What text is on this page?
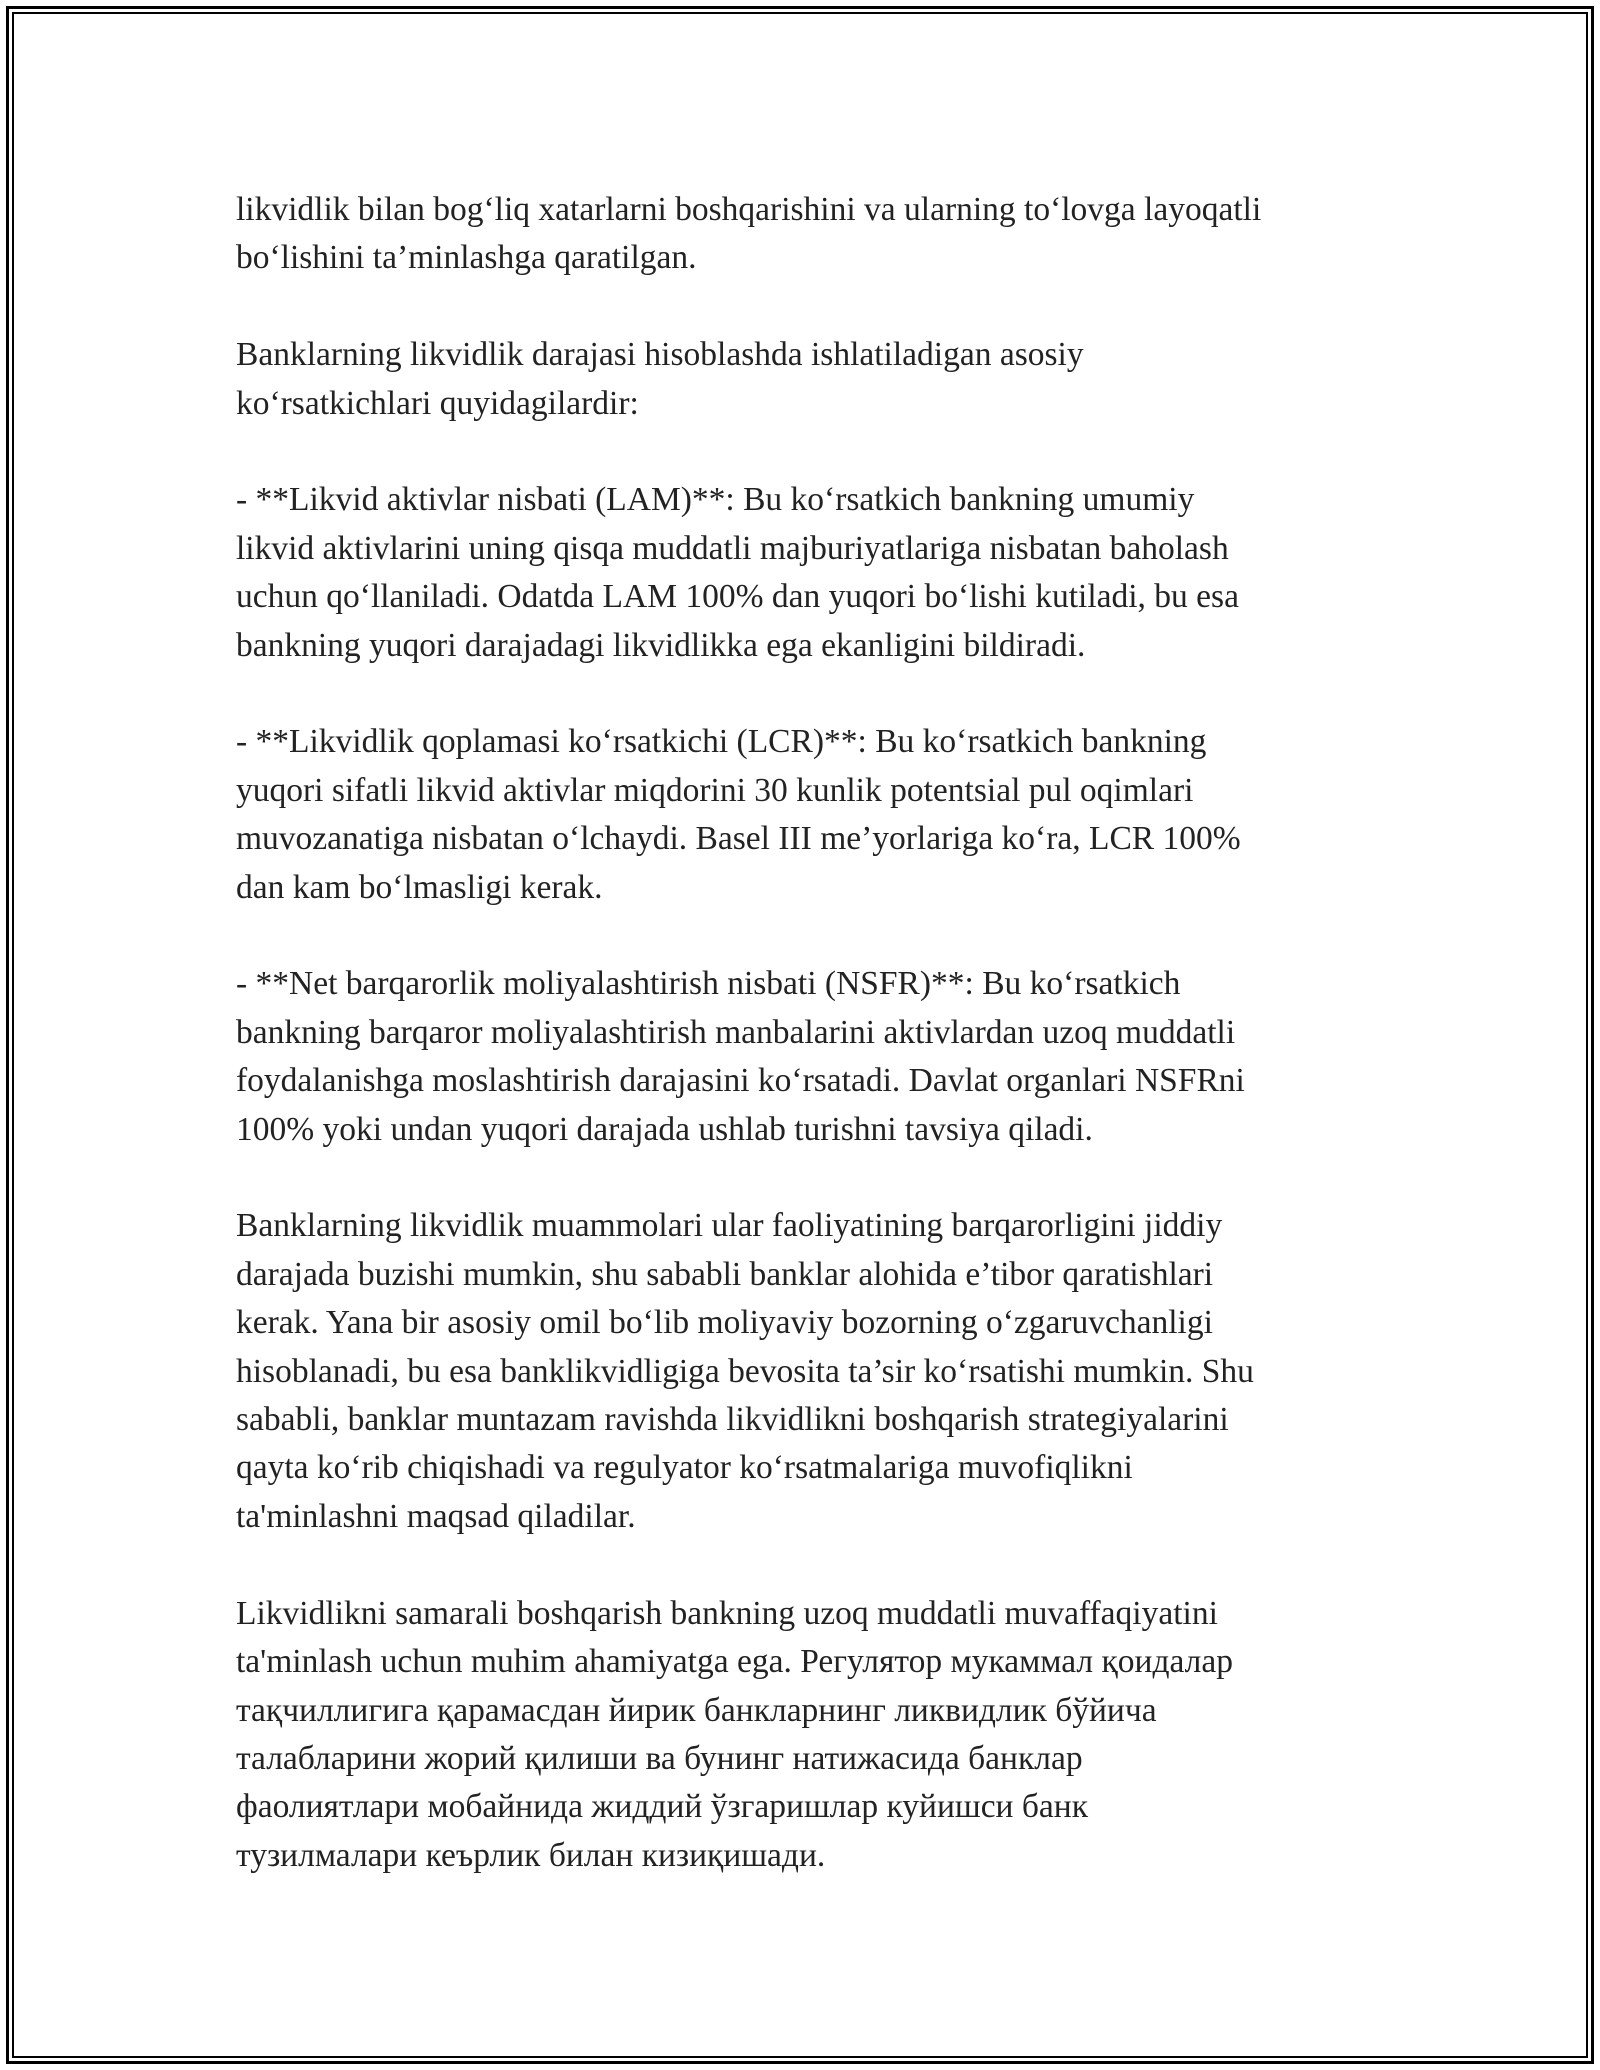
likvidlik bilan bog‘liq xatarlarni boshqarishini va ularning to‘lovga layoqatli
bo‘lishini ta’minlashga qaratilgan.
Banklarning likvidlik darajasi hisoblashda ishlatiladigan asosiy
ko‘rsatkichlari quyidagilardir:
- **Likvid aktivlar nisbati (LAM)**: Bu ko‘rsatkich bankning umumiy
likvid aktivlarini uning qisqa muddatli majburiyatlariga nisbatan baholash
uchun qo‘llaniladi. Odatda LAM 100% dan yuqori bo‘lishi kutiladi, bu esa
bankning yuqori darajadagi likvidlikka ega ekanligini bildiradi.
- **Likvidlik qoplamasi ko‘rsatkichi (LCR)**: Bu ko‘rsatkich bankning
yuqori sifatli likvid aktivlar miqdorini 30 kunlik potentsial pul oqimlari
muvozanatiga nisbatan o‘lchaydi. Basel III me’yorlariga ko‘ra, LCR 100%
dan kam bo‘lmasligi kerak.
- **Net barqarorlik moliyalashtirish nisbati (NSFR)**: Bu ko‘rsatkich
bankning barqaror moliyalashtirish manbalarini aktivlardan uzoq muddatli
foydalanishga moslashtirish darajasini ko‘rsatadi. Davlat organlari NSFRni
100% yoki undan yuqori darajada ushlab turishni tavsiya qiladi.
Banklarning likvidlik muammolari ular faoliyatining barqarorligini jiddiy
darajada buzishi mumkin, shu sababli banklar alohida e’tibor qaratishlari
kerak. Yana bir asosiy omil bo‘lib moliyaviy bozorning o‘zgaruvchanligi
hisoblanadi, bu esa banklikvidligiga bevosita ta’sir ko‘rsatishi mumkin. Shu
sababli, banklar muntazam ravishda likvidlikni boshqarish strategiyalarini
qayta ko‘rib chiqishadi va regulyator ko‘rsatmalariga muvofiqlikni
ta'minlashni maqsad qiladilar.
Likvidlikni samarali boshqarish bankning uzoq muddatli muvaffaqiyatini
ta'minlash uchun muhim ahamiyatga ega. Регулятор мукаммал қоидалар
тақчиллигига қарамасдан йирик банкларнинг ликвидлик бўйича
талабларини жорий қилиши ва бунинг натижасида банклар
фаолиятлари мобайнида жиддий ўзгаришлар куйишси банк
тузилмалари кеърлик билан кизиқишади.
